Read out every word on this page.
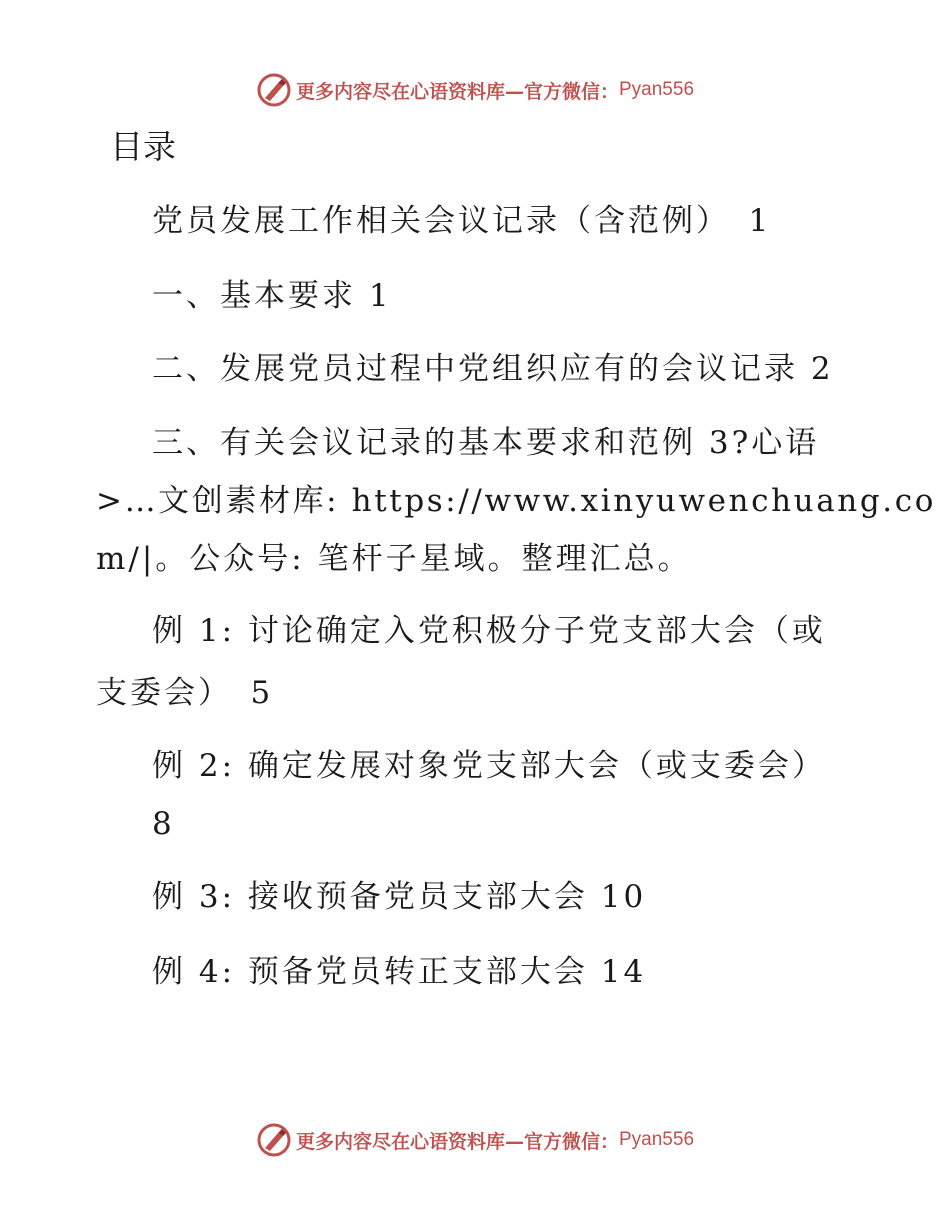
更多内容尽在心语资料库—官方微信： Pyan556
目录
党员发展工作相关会议记录（含范例）　1
一、基本要求 1
二、发展党员过程中党组织应有的会议记录 2
三、有关会议记录的基本要求和范例 3?心语
>…文创素材库: https://www.xinyuwenchuang.co
m/|。公众号: 笔杆子星域。整理汇总。
例 1: 讨论确定入党积极分子党支部大会（或
支委会）　5
例 2: 确定发展对象党支部大会（或支委会）
8
例 3: 接收预备党员支部大会 10
例 4: 预备党员转正支部大会 14
更多内容尽在心语资料库—官方微信： Pyan556
